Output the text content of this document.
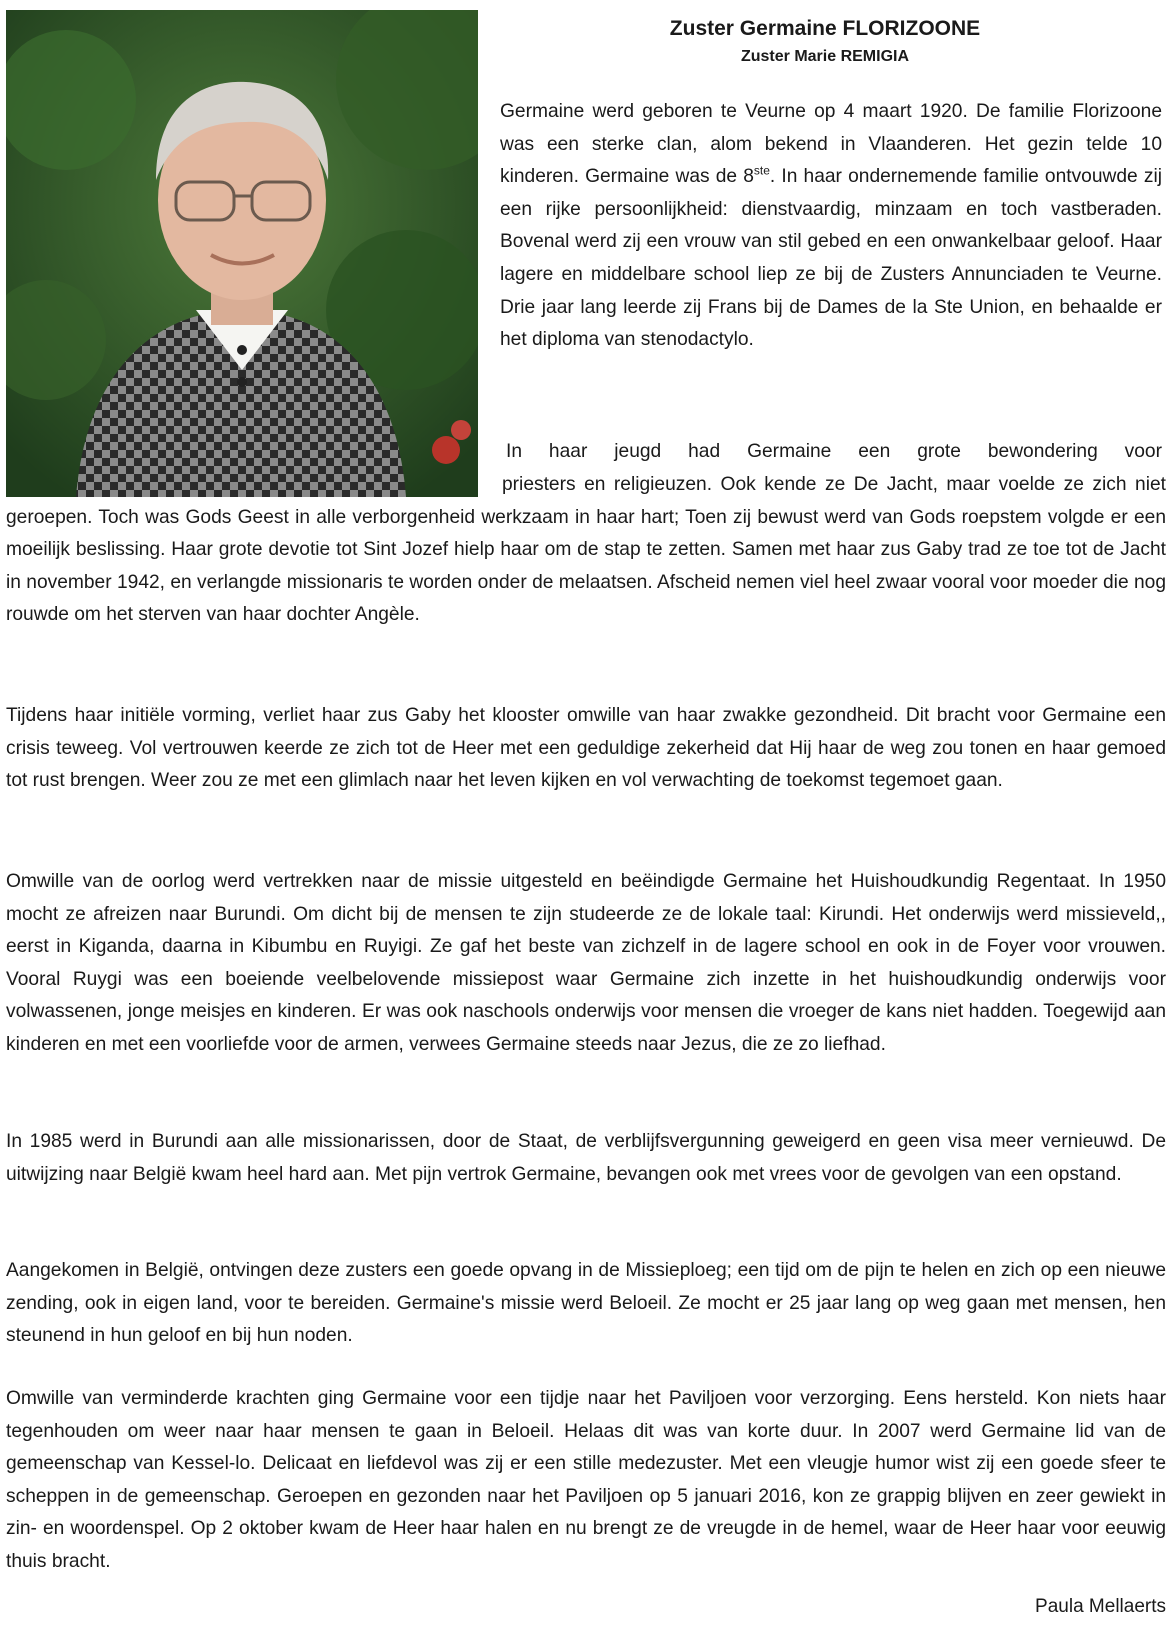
Zuster Germaine FLORIZOONE

Zuster Marie REMIGIA

Germaine werd geboren te Veurne op 4 maart 1920. De familie Florizoone was een sterke clan, alom bekend in Vlaanderen. Het gezin telde 10 kinderen. Germaine was de 8ste. In haar ondernemende familie ontvouwde zij een rijke persoonlijkheid: dienstvaardig, minzaam en toch vastberaden. Bovenal werd zij een vrouw van stil gebed en een onwankelbaar geloof. Haar lagere en middelbare school liep ze bij de Zusters Annunciaden te Veurne. Drie jaar lang leerde zij Frans bij de Dames de la Ste Union, en behaalde er het diploma van stenodactylo.

In haar jeugd had Germaine een grote bewondering voor

priesters en religieuzen. Ook kende ze De Jacht, maar voelde ze zich niet geroepen. Toch was Gods Geest in alle verborgenheid werkzaam in haar hart; Toen zij bewust werd van Gods roepstem volgde er een moeilijk beslissing. Haar grote devotie tot Sint Jozef hielp haar om de stap te zetten. Samen met haar zus Gaby trad ze toe tot de Jacht in november 1942, en verlangde missionaris te worden onder de melaatsen. Afscheid nemen viel heel zwaar vooral voor moeder die nog rouwde om het sterven van haar dochter Angèle.

Tijdens haar initiële vorming, verliet haar zus Gaby het klooster omwille van haar zwakke gezondheid. Dit bracht voor Germaine een crisis teweeg. Vol vertrouwen keerde ze zich tot de Heer met een geduldige zekerheid dat Hij haar de weg zou tonen en haar gemoed tot rust brengen. Weer zou ze met een glimlach naar het leven kijken en vol verwachting de toekomst tegemoet gaan.

Omwille van de oorlog werd vertrekken naar de missie uitgesteld en beëindigde Germaine het Huishoudkundig Regentaat. In 1950 mocht ze afreizen naar Burundi. Om dicht bij de mensen te zijn studeerde ze de lokale taal: Kirundi. Het onderwijs werd missieveld,, eerst in Kiganda, daarna in Kibumbu en Ruyigi. Ze gaf het beste van zichzelf in de lagere school en ook in de Foyer voor vrouwen. Vooral Ruygi was een boeiende veelbelovende missiepost waar Germaine zich inzette in het huishoudkundig onderwijs voor volwassenen, jonge meisjes en kinderen. Er was ook naschools onderwijs voor mensen die vroeger de kans niet hadden. Toegewijd aan kinderen en met een voorliefde voor de armen, verwees Germaine steeds naar Jezus, die ze zo liefhad.

In 1985 werd in Burundi aan alle missionarissen, door de Staat, de verblijfsvergunning geweigerd en geen visa meer vernieuwd. De uitwijzing naar België kwam heel hard aan. Met pijn vertrok Germaine, bevangen ook met vrees voor de gevolgen van een opstand.

Aangekomen in België, ontvingen deze zusters een goede opvang in de Missieploeg; een tijd om de pijn te helen en zich op een nieuwe zending, ook in eigen land, voor te bereiden. Germaine's missie werd Beloeil. Ze mocht er 25 jaar lang op weg gaan met mensen, hen steunend in hun geloof en bij hun noden.

Omwille van verminderde krachten ging Germaine voor een tijdje naar het Paviljoen voor verzorging. Eens hersteld. Kon niets haar tegenhouden om weer naar haar mensen te gaan in Beloeil. Helaas dit was van korte duur. In 2007 werd Germaine lid van de gemeenschap van Kessel-lo. Delicaat en liefdevol was zij er een stille medezuster. Met een vleugje humor wist zij een goede sfeer te scheppen in de gemeenschap. Geroepen en gezonden naar het Paviljoen op 5 januari 2016, kon ze grappig blijven en zeer gewiekt in zin- en woordenspel. Op 2 oktober kwam de Heer haar halen en nu brengt ze de vreugde in de hemel, waar de Heer haar voor eeuwig thuis bracht.

Paula Mellaerts
